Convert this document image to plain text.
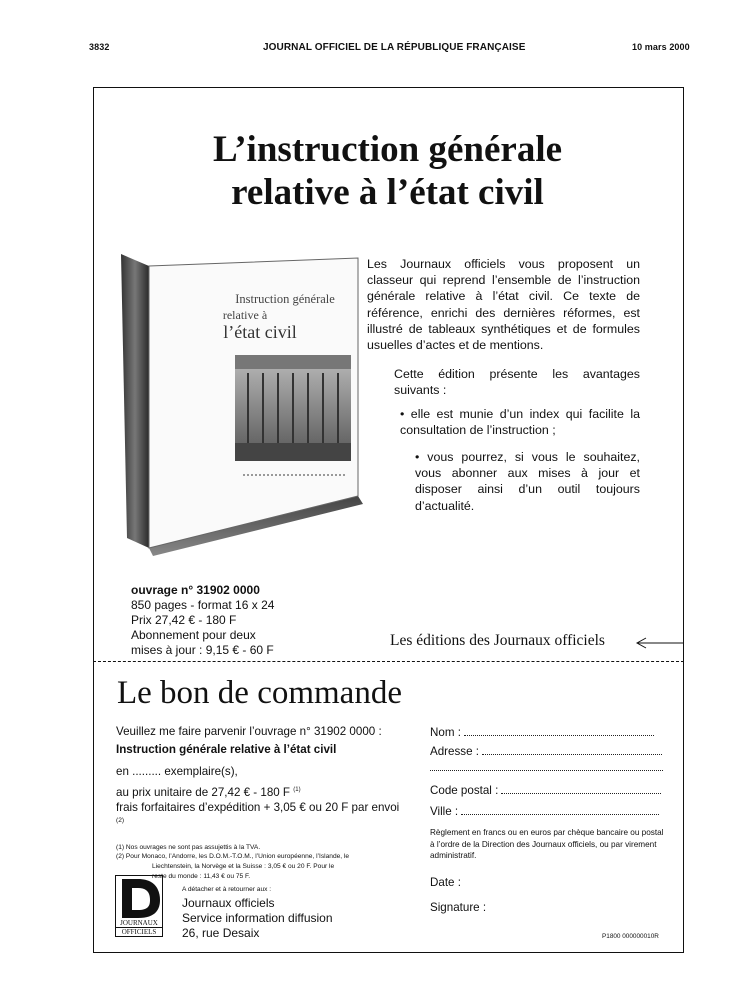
3832	JOURNAL OFFICIEL DE LA RÉPUBLIQUE FRANÇAISE	10 mars 2000
L’instruction générale
relative à l’état civil
Instruction générale
relative à
l’état civil

Les Journaux officiels vous proposent un classeur qui reprend l’ensemble de l’instruction générale relative à l’état civil. Ce texte de référence, enrichi des dernières réformes, est illustré de tableaux synthétiques et de formules usuelles d’actes et de mentions.

Cette édition présente les avantages suivants :
• elle est munie d’un index qui facilite la consultation de l’instruction ;
• vous pourrez, si vous le souhaitez, vous abonner aux mises à jour et disposer ainsi d’un outil toujours d’actualité.
ouvrage n° 31902 0000
850 pages - format 16 x 24
Prix 27,42 € - 180 F
Abonnement pour deux mises à jour : 9,15 € - 60 F
Les éditions des Journaux officiels
Le bon de commande
Veuillez me faire parvenir l’ouvrage n° 31902 0000 :
Instruction générale relative à l’état civil
en ......... exemplaire(s),
au prix unitaire de 27,42 € - 180 F $^{(1)}$
frais forfaitaires d’expédition + 3,05 € ou 20 F par envoi
(2)
(1) Nos ouvrages ne sont pas assujettis à la TVA.
(2) Pour Monaco, l’Andorre, les D.O.M.-T.O.M., l’Union européenne, l’Islande, le
Liechtenstein, la Norvège et la Suisse : 3,05 € ou 20 F. Pour le
reste du monde : 11,43 € ou 75 F.
JOURNAUX
OFFICIELS
A détacher et à retourner aux :
Journaux officiels
Service information diffusion
26, rue Desaix
Nom :
Adresse :
Code postal :
Ville :
Règlement en francs ou en euros par chèque bancaire ou postal à l’ordre de la Direction des Journaux officiels, ou par virement administratif.
Date :
Signature :
P1800 000000010R
